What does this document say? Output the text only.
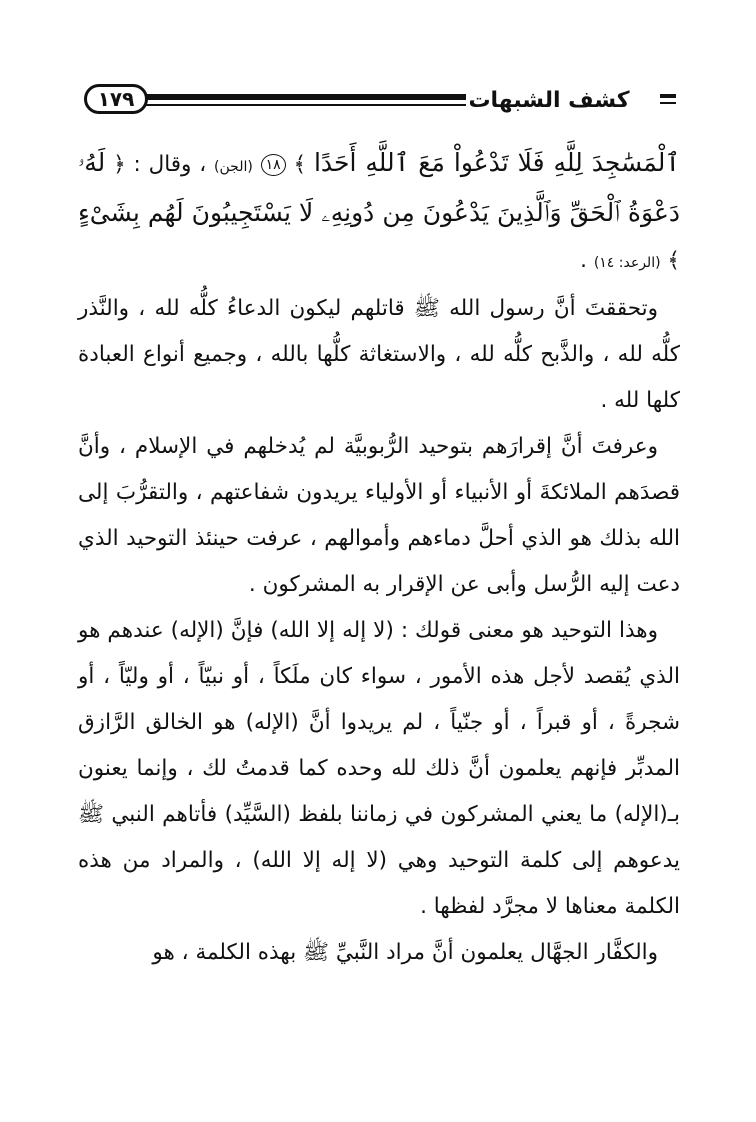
١٧٩	كشف الشبهات

ٱلْمَسَٰجِدَ لِلَّهِ فَلَا تَدْعُواْ مَعَ ٱللَّهِ أَحَدًا ﴾ ١٨ (الجن) ، وقال : ﴿ لَهُۥ دَعْوَةُ ٱلْحَقِّ وَٱلَّذِينَ يَدْعُونَ مِن دُونِهِۦ لَا يَسْتَجِيبُونَ لَهُم بِشَىْءٍ ﴾ (الرعد: ١٤) .

وتحققتَ أنَّ رسول الله ﷺ قاتلهم ليكون الدعاءُ كلُّه لله ، والنَّذر كلُّه لله ، والذَّبح كلُّه لله ، والاستغاثة كلُّها بالله ، وجميع أنواع العبادة كلها لله .

وعرفتَ أنَّ إقرارَهم بتوحيد الرُّبوبيَّة لم يُدخلهم في الإسلام ، وأنَّ قصدَهم الملائكةَ أو الأنبياء أو الأولياء يريدون شفاعتهم ، والتقرُّبَ إلى الله بذلك هو الذي أحلَّ دماءهم وأموالهم ، عرفت حينئذ التوحيد الذي دعت إليه الرُّسل وأبى عن الإقرار به المشركون .

وهذا التوحيد هو معنى قولك : (لا إله إلا الله) فإنَّ (الإله) عندهم هو الذي يُقصد لأجل هذه الأمور ، سواء كان ملَكاً ، أو نبيّاً ، أو وليّاً ، أو شجرةً ، أو قبراً ، أو جنّياً ، لم يريدوا أنَّ (الإله) هو الخالق الرَّازق المدبِّر فإنهم يعلمون أنَّ ذلك لله وحده كما قدمتُ لك ، وإنما يعنون بـ(الإله) ما يعني المشركون في زماننا بلفظ (السَّيِّد) فأتاهم النبي ﷺ يدعوهم إلى كلمة التوحيد وهي (لا إله إلا الله) ، والمراد من هذه الكلمة معناها لا مجرَّد لفظها .

والكفَّار الجهَّال يعلمون أنَّ مراد النَّبيِّ ﷺ بهذه الكلمة ، هو
